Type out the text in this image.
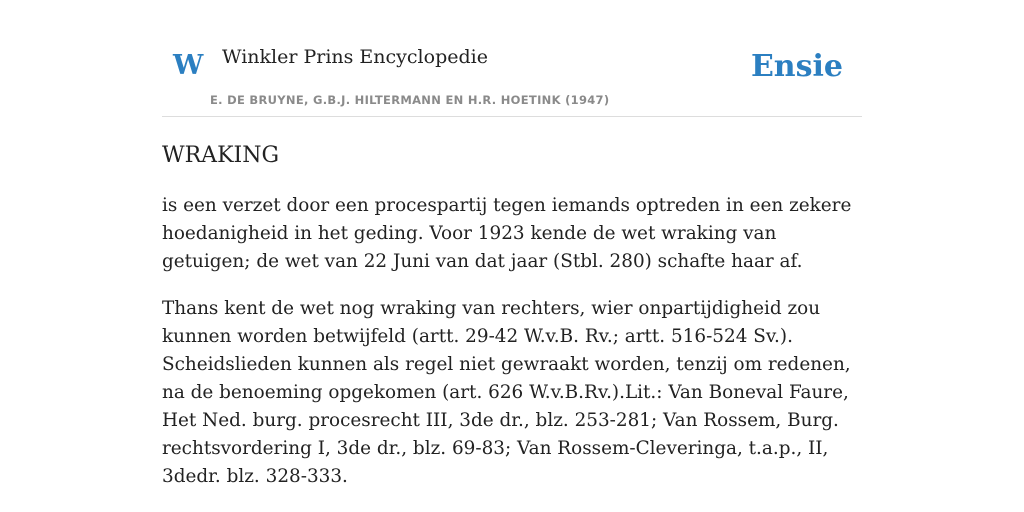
W Winkler Prins Encyclopedie
E. DE BRUYNE, G.B.J. HILTERMANN EN H.R. HOETINK (1947)
Ensie
WRAKING

is een verzet door een procespartij tegen iemands optreden in een zekere hoedanigheid in het geding. Voor 1923 kende de wet wraking van getuigen; de wet van 22 Juni van dat jaar (Stbl. 280) schafte haar af.

Thans kent de wet nog wraking van rechters, wier onpartijdigheid zou kunnen worden betwijfeld (artt. 29-42 W.v.B. Rv.; artt. 516-524 Sv.). Scheidslieden kunnen als regel niet gewraakt worden, tenzij om redenen, na de benoeming opgekomen (art. 626 W.v.B.Rv.).Lit.: Van Boneval Faure, Het Ned. burg. procesrecht III, 3de dr., blz. 253-281; Van Rossem, Burg. rechtsvordering I, 3de dr., blz. 69-83; Van Rossem-Cleveringa, t.a.p., II, 3dedr. blz. 328-333.
